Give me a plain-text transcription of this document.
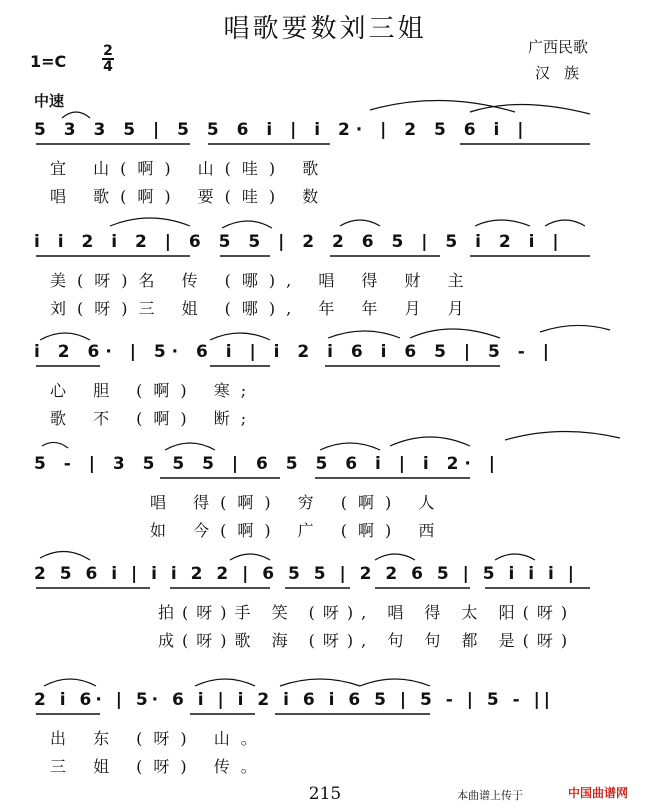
唱歌要数刘三姐
广西民歌
汉族
1=C
2
4
中速
5 3 3 5 | 5 5 6 i | i 2· | 2 5 6 i |
宜 山(啊) 山(哇) 歌
唱 歌(啊) 要(哇) 数
i i 2 i 2 | 6 5 5 | 2 2 6 5 | 5 i 2 i |
美(呀)名 传 (哪), 唱 得 财 主
刘(呀)三 姐 (哪), 年 年 月 月
i 2 6· | 5· 6 i | i 2 i 6 i 6 5 | 5 - |
心 胆 (啊) 寒;
歌 不 (啊) 断;
5 - | 3 5 5 5 | 6 5 5 6 i | i 2· |
唱 得(啊) 穷 (啊) 人
如 今(啊) 广 (啊) 西
2 5 6 i | i i 2 2 | 6 5 5 | 2 2 6 5 | 5 i i i |
拍(呀)手 笑 (呀), 唱 得 太 阳(呀)
成(呀)歌 海 (呀), 句 句 都 是(呀)
2 i 6· | 5· 6 i | i 2 i 6 i 6 5 | 5 - | 5 - ||
出 东 (呀) 山。
三 姐 (呀) 传。
215	本曲谱上传于	中国曲谱网
